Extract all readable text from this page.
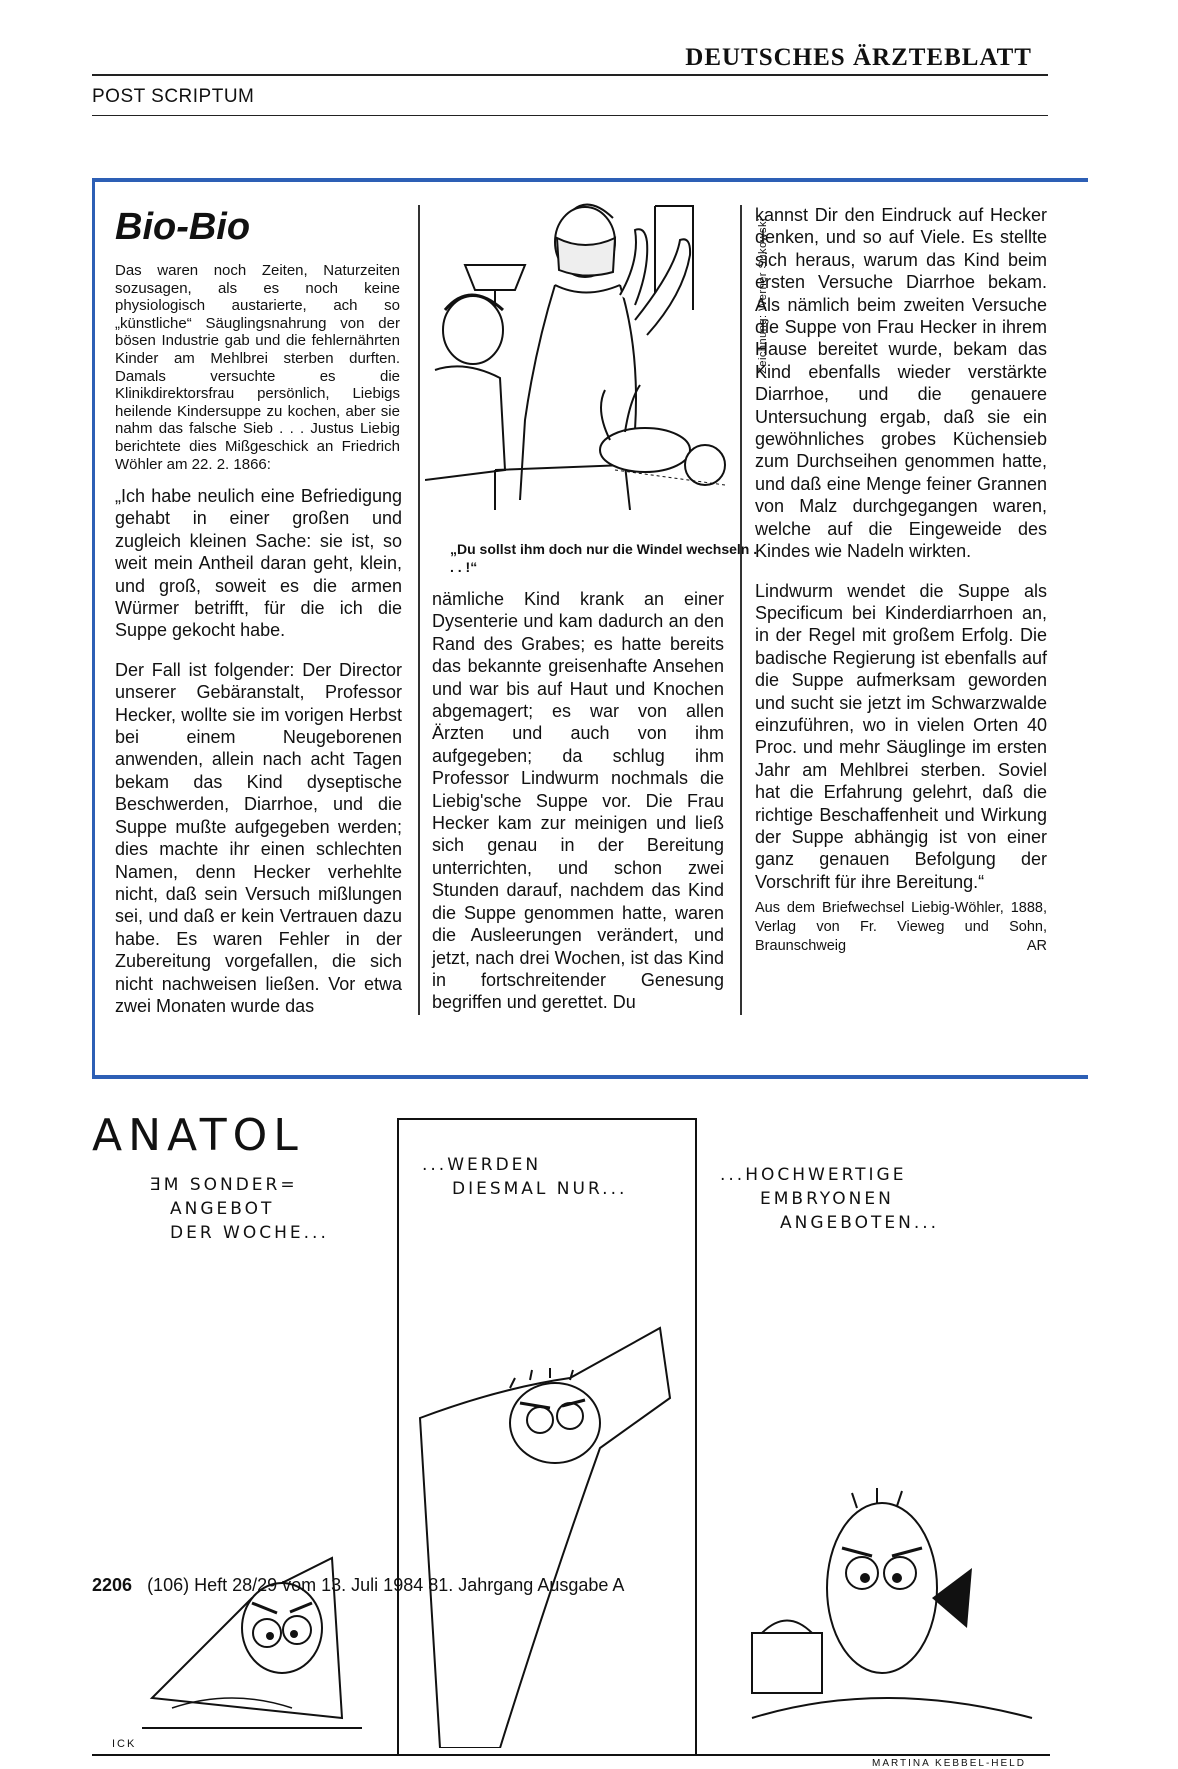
DEUTSCHES ÄRZTEBLATT
POST SCRIPTUM
Bio-Bio
Das waren noch Zeiten, Naturzeiten sozusagen, als es noch keine physiologisch austarierte, ach so „künstliche“ Säuglingsnahrung von der bösen Industrie gab und die fehlernährten Kinder am Mehlbrei sterben durften. Damals versuchte es die Klinikdirektorsfrau persönlich, Liebigs heilende Kindersuppe zu kochen, aber sie nahm das falsche Sieb . . . Justus Liebig berichtete dies Mißgeschick an Friedrich Wöhler am 22. 2. 1866:

„Ich habe neulich eine Befriedigung gehabt in einer großen und zugleich kleinen Sache: sie ist, so weit mein Antheil daran geht, klein, und groß, soweit es die armen Würmer betrifft, für die ich die Suppe gekocht habe.

Der Fall ist folgender: Der Director unserer Gebäranstalt, Professor Hecker, wollte sie im vorigen Herbst bei einem Neugeborenen anwenden, allein nach acht Tagen bekam das Kind dyseptische Beschwerden, Diarrhoe, und die Suppe mußte aufgegeben werden; dies machte ihr einen schlechten Namen, denn Hecker verhehlte nicht, daß sein Versuch mißlungen sei, und daß er kein Vertrauen dazu habe. Es waren Fehler in der Zubereitung vorgefallen, die sich nicht nachweisen ließen. Vor etwa zwei Monaten wurde das

Zeichnung: Werner Sukowski
„Du sollst ihm doch nur die Windel wechseln . . . !“

nämliche Kind krank an einer Dysenterie und kam dadurch an den Rand des Grabes; es hatte bereits das bekannte greisenhafte Ansehen und war bis auf Haut und Knochen abgemagert; es war von allen Ärzten und auch von ihm aufgegeben; da schlug ihm Professor Lindwurm nochmals die Liebig'sche Suppe vor. Die Frau Hecker kam zur meinigen und ließ sich genau in der Bereitung unterrichten, und schon zwei Stunden darauf, nachdem das Kind die Suppe genommen hatte, waren die Ausleerungen verändert, und jetzt, nach drei Wochen, ist das Kind in fortschreitender Genesung begriffen und gerettet. Du

kannst Dir den Eindruck auf Hecker denken, und so auf Viele. Es stellte sich heraus, warum das Kind beim ersten Versuche Diarrhoe bekam. Als nämlich beim zweiten Versuche die Suppe von Frau Hecker in ihrem Hause bereitet wurde, bekam das Kind ebenfalls wieder verstärkte Diarrhoe, und die genauere Untersuchung ergab, daß sie ein gewöhnliches grobes Küchensieb zum Durchseihen genommen hatte, und daß eine Menge feiner Grannen von Malz durchgegangen waren, welche auf die Eingeweide des Kindes wie Nadeln wirkten.

Lindwurm wendet die Suppe als Specificum bei Kinderdiarrhoen an, in der Regel mit großem Erfolg. Die badische Regierung ist ebenfalls auf die Suppe aufmerksam geworden und sucht sie jetzt im Schwarzwalde einzuführen, wo in vielen Orten 40 Proc. und mehr Säuglinge im ersten Jahr am Mehlbrei sterben. Soviel hat die Erfahrung gelehrt, daß die richtige Beschaffenheit und Wirkung der Suppe abhängig ist von einer ganz genauen Befolgung der Vorschrift für ihre Bereitung.“

Aus dem Briefwechsel Liebig-Wöhler, 1888, Verlag von Fr. Vieweg und Sohn, Braunschweig	AR
ANATOL
ƎM SONDER=
ANGEBOT
DER WOCHE...
...WERDEN
DIESMAL NUR...
...HOCHWERTIGE
EMBRYONEN
ANGEBOTEN...
ICK
MARTINA KEBBEL-HELD
2206 (106) Heft 28/29 vom 13. Juli 1984 81. Jahrgang Ausgabe A
